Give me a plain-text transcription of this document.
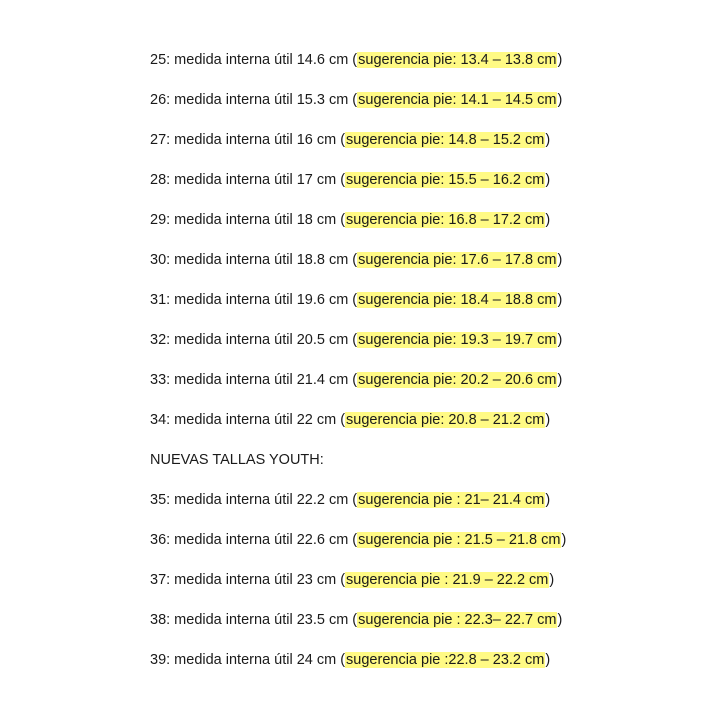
25: medida interna útil 14.6 cm (sugerencia pie: 13.4 – 13.8 cm)
26: medida interna útil 15.3 cm (sugerencia pie: 14.1 – 14.5 cm)
27: medida interna útil 16 cm (sugerencia pie: 14.8 – 15.2 cm)
28: medida interna útil 17 cm (sugerencia pie: 15.5 – 16.2 cm)
29: medida interna útil 18 cm (sugerencia pie: 16.8 – 17.2 cm)
30: medida interna útil 18.8 cm (sugerencia pie: 17.6 – 17.8 cm)
31: medida interna útil 19.6 cm (sugerencia pie: 18.4 – 18.8 cm)
32: medida interna útil 20.5 cm (sugerencia pie: 19.3 – 19.7 cm)
33: medida interna útil 21.4 cm (sugerencia pie: 20.2 – 20.6 cm)
34: medida interna útil 22 cm (sugerencia pie: 20.8 – 21.2 cm)
NUEVAS TALLAS YOUTH:
35: medida interna útil 22.2 cm (sugerencia pie : 21– 21.4 cm)
36: medida interna útil 22.6 cm (sugerencia pie : 21.5 – 21.8 cm)
37: medida interna útil 23 cm (sugerencia pie : 21.9 – 22.2 cm)
38: medida interna útil 23.5 cm (sugerencia pie : 22.3– 22.7 cm)
39: medida interna útil 24 cm (sugerencia pie :22.8 – 23.2 cm)
